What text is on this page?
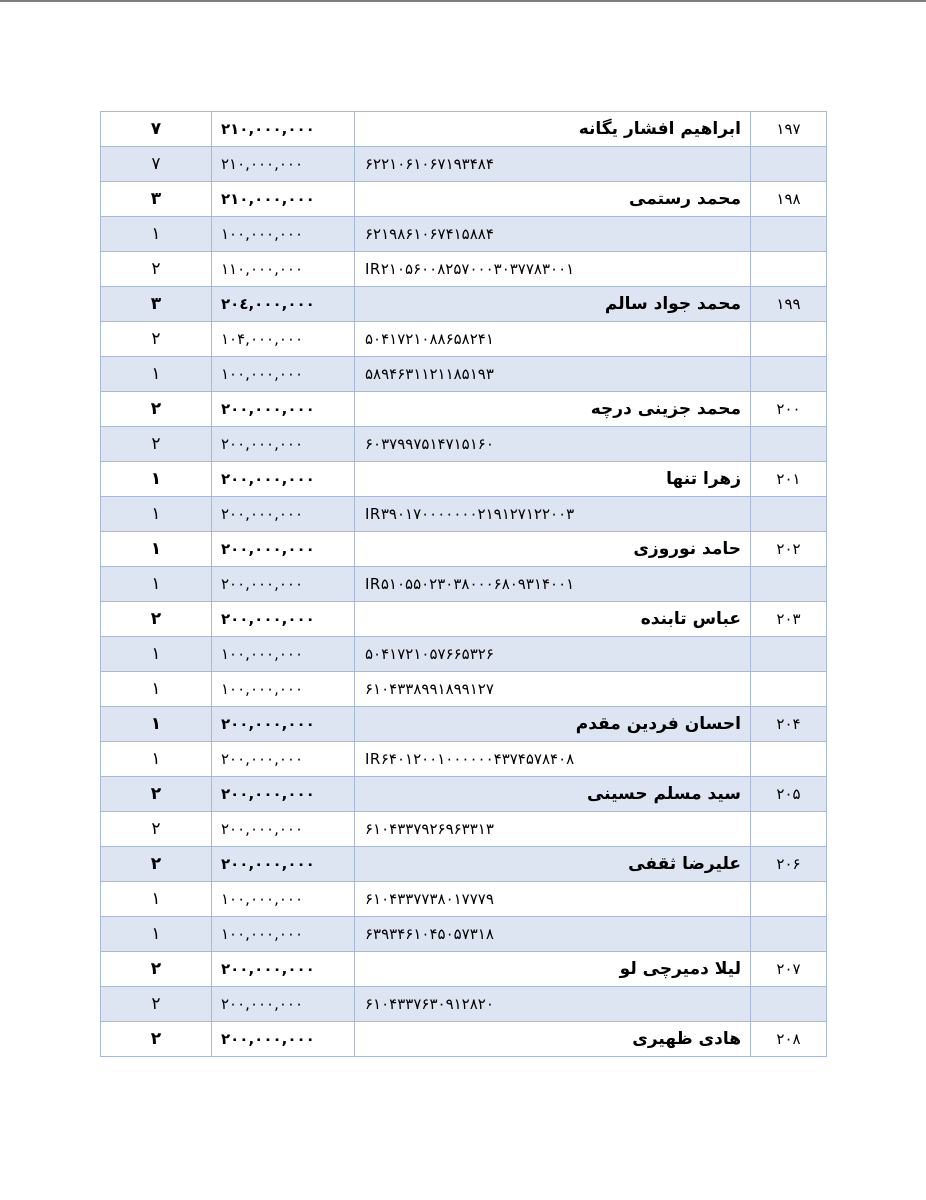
۷	۲۱۰,۰۰۰,۰۰۰	ابراهیم افشار یگانه	۱۹۷
۷	۲۱۰,۰۰۰,۰۰۰	۶۲۲۱۰۶۱۰۶۷۱۹۳۴۸۴	
۳	۲۱۰,۰۰۰,۰۰۰	محمد رستمی	۱۹۸
۱	۱۰۰,۰۰۰,۰۰۰	۶۲۱۹۸۶۱۰۶۷۴۱۵۸۸۴	
۲	۱۱۰,۰۰۰,۰۰۰	IR۲۱۰۵۶۰۰۸۲۵۷۰۰۰۳۰۳۷۷۸۳۰۰۱	
۳	۲۰٤,۰۰۰,۰۰۰	محمد جواد سالم	۱۹۹
۲	۱۰۴,۰۰۰,۰۰۰	۵۰۴۱۷۲۱۰۸۸۶۵۸۲۴۱	
۱	۱۰۰,۰۰۰,۰۰۰	۵۸۹۴۶۳۱۱۲۱۱۸۵۱۹۳	
۲	۲۰۰,۰۰۰,۰۰۰	محمد جزینی درچه	۲۰۰
۲	۲۰۰,۰۰۰,۰۰۰	۶۰۳۷۹۹۷۵۱۴۷۱۵۱۶۰	
۱	۲۰۰,۰۰۰,۰۰۰	زهرا تنها	۲۰۱
۱	۲۰۰,۰۰۰,۰۰۰	IR۳۹۰۱۷۰۰۰۰۰۰۰۲۱۹۱۲۷۱۲۲۰۰۳	
۱	۲۰۰,۰۰۰,۰۰۰	حامد نوروزی	۲۰۲
۱	۲۰۰,۰۰۰,۰۰۰	IR۵۱۰۵۵۰۲۳۰۳۸۰۰۰۶۸۰۹۳۱۴۰۰۱	
۲	۲۰۰,۰۰۰,۰۰۰	عباس تابنده	۲۰۳
۱	۱۰۰,۰۰۰,۰۰۰	۵۰۴۱۷۲۱۰۵۷۶۶۵۳۲۶	
۱	۱۰۰,۰۰۰,۰۰۰	۶۱۰۴۳۳۸۹۹۱۸۹۹۱۲۷	
۱	۲۰۰,۰۰۰,۰۰۰	احسان فردین مقدم	۲۰۴
۱	۲۰۰,۰۰۰,۰۰۰	IR۶۴۰۱۲۰۰۱۰۰۰۰۰۰۴۳۷۴۵۷۸۴۰۸	
۲	۲۰۰,۰۰۰,۰۰۰	سید مسلم حسینی	۲۰۵
۲	۲۰۰,۰۰۰,۰۰۰	۶۱۰۴۳۳۷۹۲۶۹۶۳۳۱۳	
۲	۲۰۰,۰۰۰,۰۰۰	علیرضا ثقفی	۲۰۶
۱	۱۰۰,۰۰۰,۰۰۰	۶۱۰۴۳۳۷۷۳۸۰۱۷۷۷۹	
۱	۱۰۰,۰۰۰,۰۰۰	۶۳۹۳۴۶۱۰۴۵۰۵۷۳۱۸	
۲	۲۰۰,۰۰۰,۰۰۰	لیلا دمیرچی لو	۲۰۷
۲	۲۰۰,۰۰۰,۰۰۰	۶۱۰۴۳۳۷۶۳۰۹۱۲۸۲۰	
۲	۲۰۰,۰۰۰,۰۰۰	هادی ظهیری	۲۰۸
